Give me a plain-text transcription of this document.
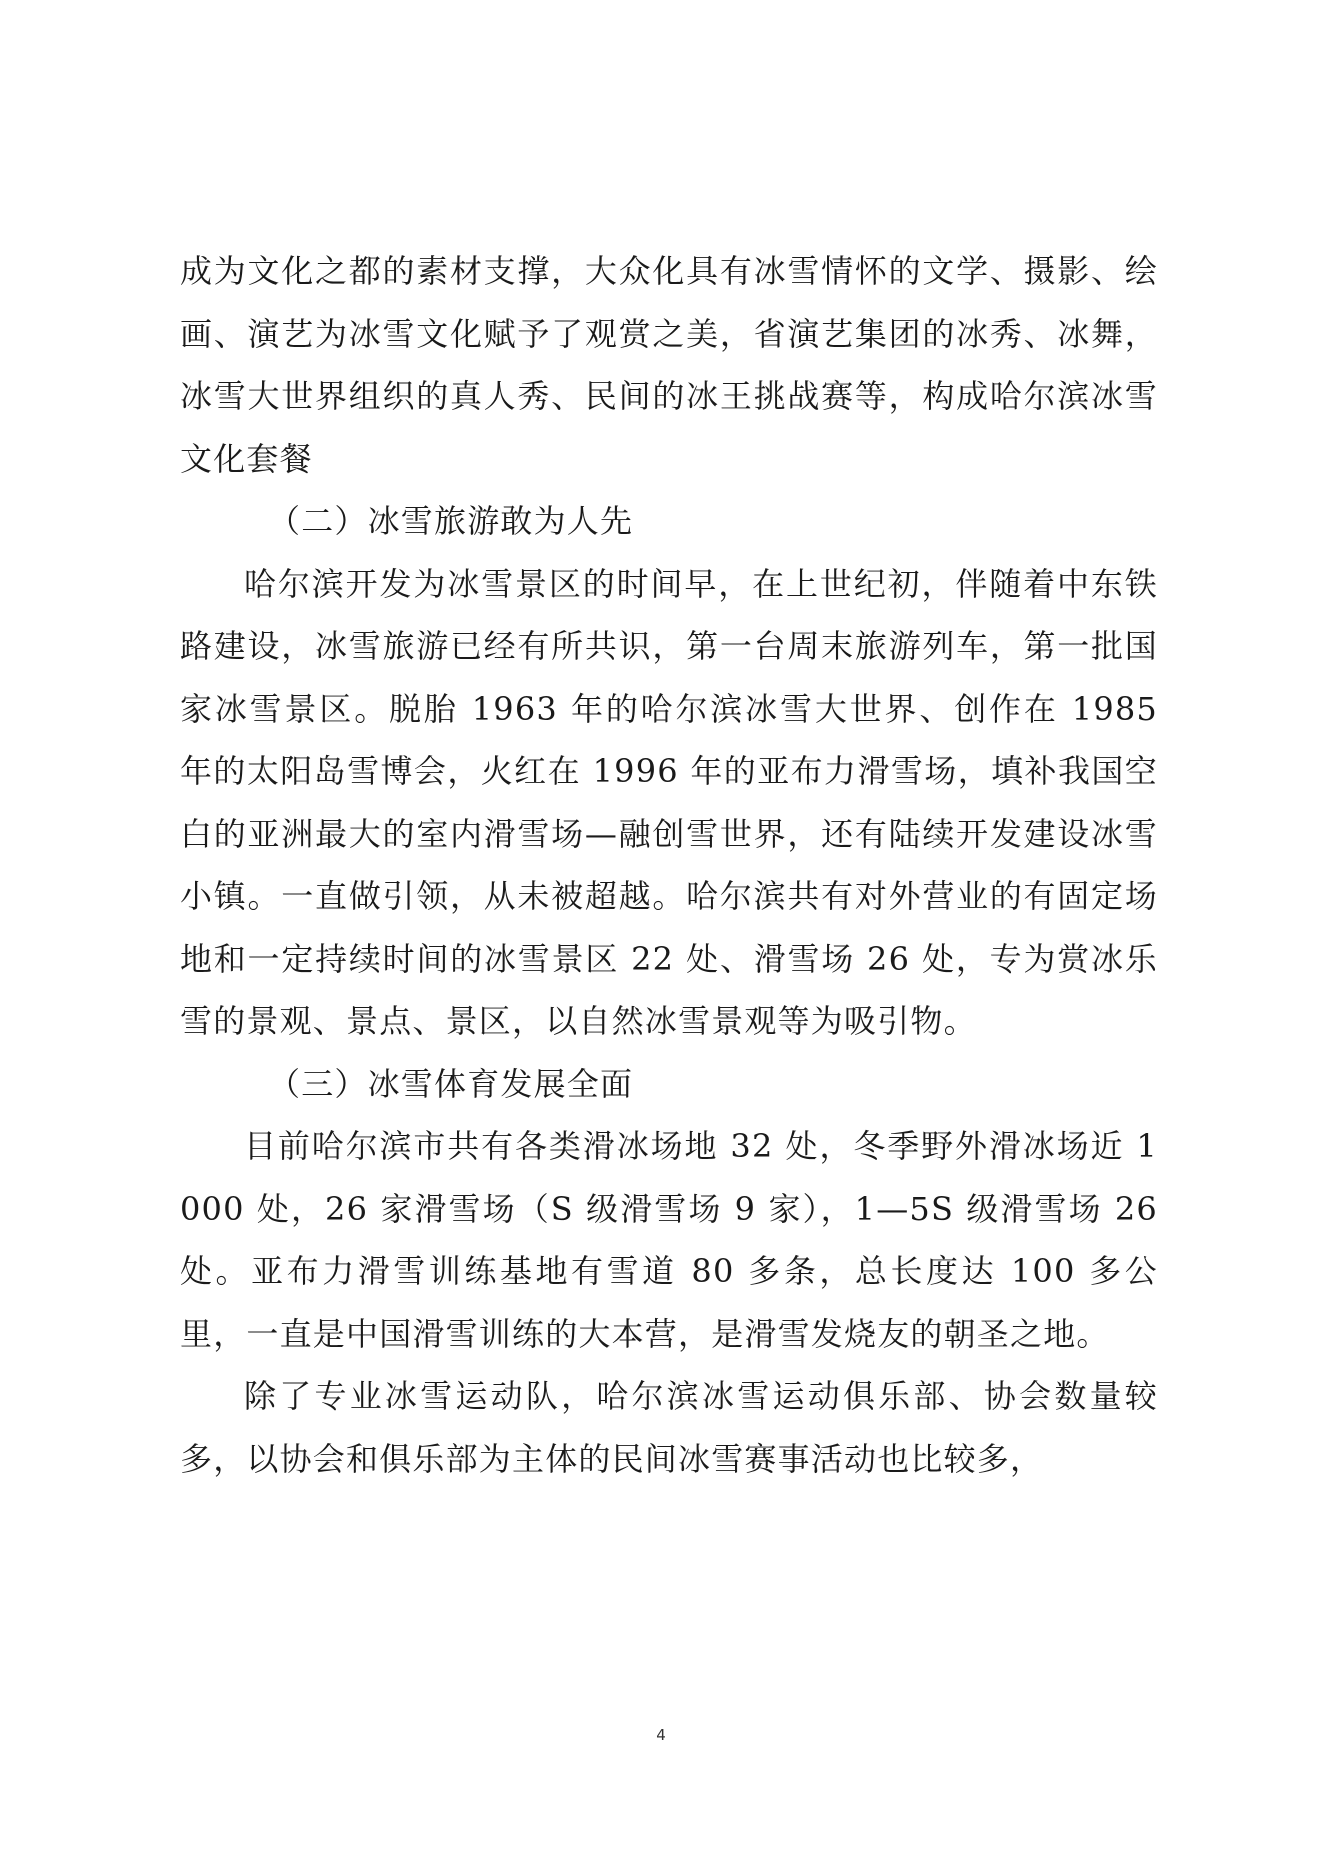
成为文化之都的素材支撑，大众化具有冰雪情怀的文学、摄影、绘画、演艺为冰雪文化赋予了观赏之美，省演艺集团的冰秀、冰舞，冰雪大世界组织的真人秀、民间的冰王挑战赛等，构成哈尔滨冰雪文化套餐

（二）冰雪旅游敢为人先

哈尔滨开发为冰雪景区的时间早，在上世纪初，伴随着中东铁路建设，冰雪旅游已经有所共识，第一台周末旅游列车，第一批国家冰雪景区。脱胎 1963 年的哈尔滨冰雪大世界、创作在 1985 年的太阳岛雪博会，火红在 1996 年的亚布力滑雪场，填补我国空白的亚洲最大的室内滑雪场—融创雪世界，还有陆续开发建设冰雪小镇。一直做引领，从未被超越。哈尔滨共有对外营业的有固定场地和一定持续时间的冰雪景区 22 处、滑雪场 26 处，专为赏冰乐雪的景观、景点、景区，以自然冰雪景观等为吸引物。

（三）冰雪体育发展全面

目前哈尔滨市共有各类滑冰场地 32 处，冬季野外滑冰场近 1000 处，26 家滑雪场（S 级滑雪场 9 家），1—5S 级滑雪场 26 处。亚布力滑雪训练基地有雪道 80 多条，总长度达 100 多公里，一直是中国滑雪训练的大本营，是滑雪发烧友的朝圣之地。

除了专业冰雪运动队，哈尔滨冰雪运动俱乐部、协会数量较多，以协会和俱乐部为主体的民间冰雪赛事活动也比较多，

4
